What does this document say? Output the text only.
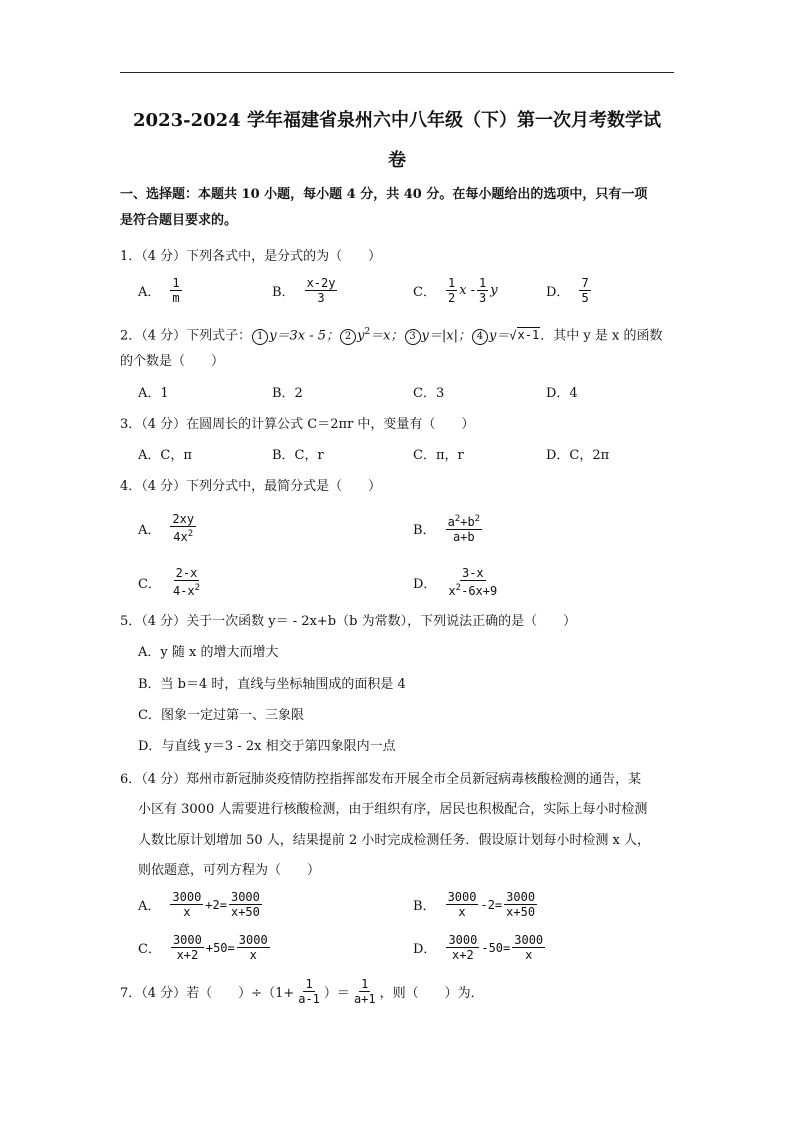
2023-2024 学年福建省泉州六中八年级（下）第一次月考数学试
卷
一、选择题：本题共 10 小题，每小题 4 分，共 40 分。在每小题给出的选项中，只有一项
是符合题目要求的。
1．（4 分）下列各式中，是分式的为（　　）
A． $\frac{1}{m}$	B． $\frac{x-2y}{3}$	C． $\frac{1}{2}$ x - $\frac{1}{3}$ y	D． $\frac{7}{5}$
2．（4 分）下列式子： 1 y＝3x - 5； 2 $y^2=x$； 3 y＝|x|； 4 y＝√x-1．其中 y 是 x 的函数
的个数是（　　）
A．1	B．2	C．3	D．4
3．（4 分）在圆周长的计算公式 C＝2πr 中，变量有（　　）
A．C，π	B．C，r	C．π，r	D．C，2π
4．（4 分）下列分式中，最简分式是（　　）
A． $\frac{2xy}{4x^2}$	B． $\frac{a^2+b^2}{a+b}$
C． $\frac{2-x}{4-x^2}$	D． $\frac{3-x}{x^2-6x+9}$
5．（4 分）关于一次函数 y＝ - 2x+b（b 为常数），下列说法正确的是（　　）
A．y 随 x 的增大而增大
B．当 b＝4 时，直线与坐标轴围成的面积是 4
C．图象一定过第一、三象限
D．与直线 y＝3 - 2x 相交于第四象限内一点
6．（4 分）郑州市新冠肺炎疫情防控指挥部发布开展全市全员新冠病毒核酸检测的通告，某
小区有 3000 人需要进行核酸检测，由于组织有序，居民也积极配合，实际上每小时检测
人数比原计划增加 50 人，结果提前 2 小时完成检测任务．假设原计划每小时检测 x 人，
则依题意，可列方程为（　　）
A． $\frac{3000}{x} +2= \frac{3000}{x+50}$	B． $\frac{3000}{x} -2= \frac{3000}{x+50}$
C． $\frac{3000}{x+2} +50= \frac{3000}{x}$	D． $\frac{3000}{x+2} -50= \frac{3000}{x}$
7．（4 分）若（　　）$\div(1+ \frac{1}{a-1}$ ）＝ $\frac{1}{a+1}$ ，则（　　）为．
